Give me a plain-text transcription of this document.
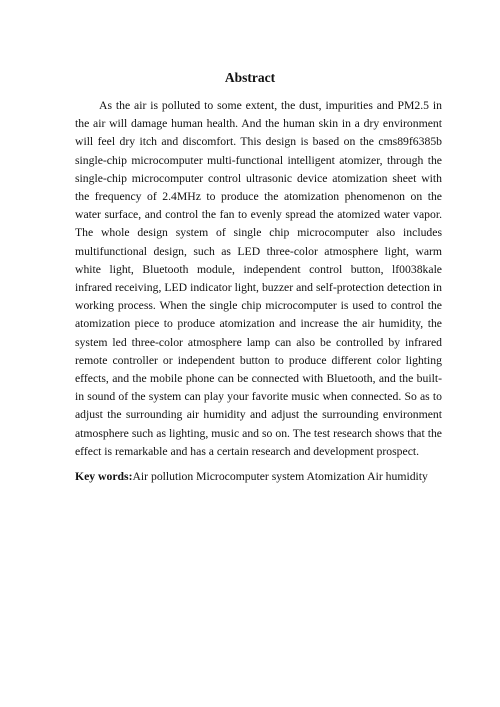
Abstract

As the air is polluted to some extent, the dust, impurities and PM2.5 in the air will damage human health. And the human skin in a dry environment will feel dry itch and discomfort. This design is based on the cms89f6385b single-chip microcomputer multi-functional intelligent atomizer, through the single-chip microcomputer control ultrasonic device atomization sheet with the frequency of 2.4MHz to produce the atomization phenomenon on the water surface, and control the fan to evenly spread the atomized water vapor. The whole design system of single chip microcomputer also includes multifunctional design, such as LED three-color atmosphere light, warm white light, Bluetooth module, independent control button, lf0038kale infrared receiving, LED indicator light, buzzer and self-protection detection in working process. When the single chip microcomputer is used to control the atomization piece to produce atomization and increase the air humidity, the system led three-color atmosphere lamp can also be controlled by infrared remote controller or independent button to produce different color lighting effects, and the mobile phone can be connected with Bluetooth, and the built-in sound of the system can play your favorite music when connected. So as to adjust the surrounding air humidity and adjust the surrounding environment atmosphere such as lighting, music and so on. The test research shows that the effect is remarkable and has a certain research and development prospect.

Key words:Air pollution Microcomputer system Atomization Air humidity
